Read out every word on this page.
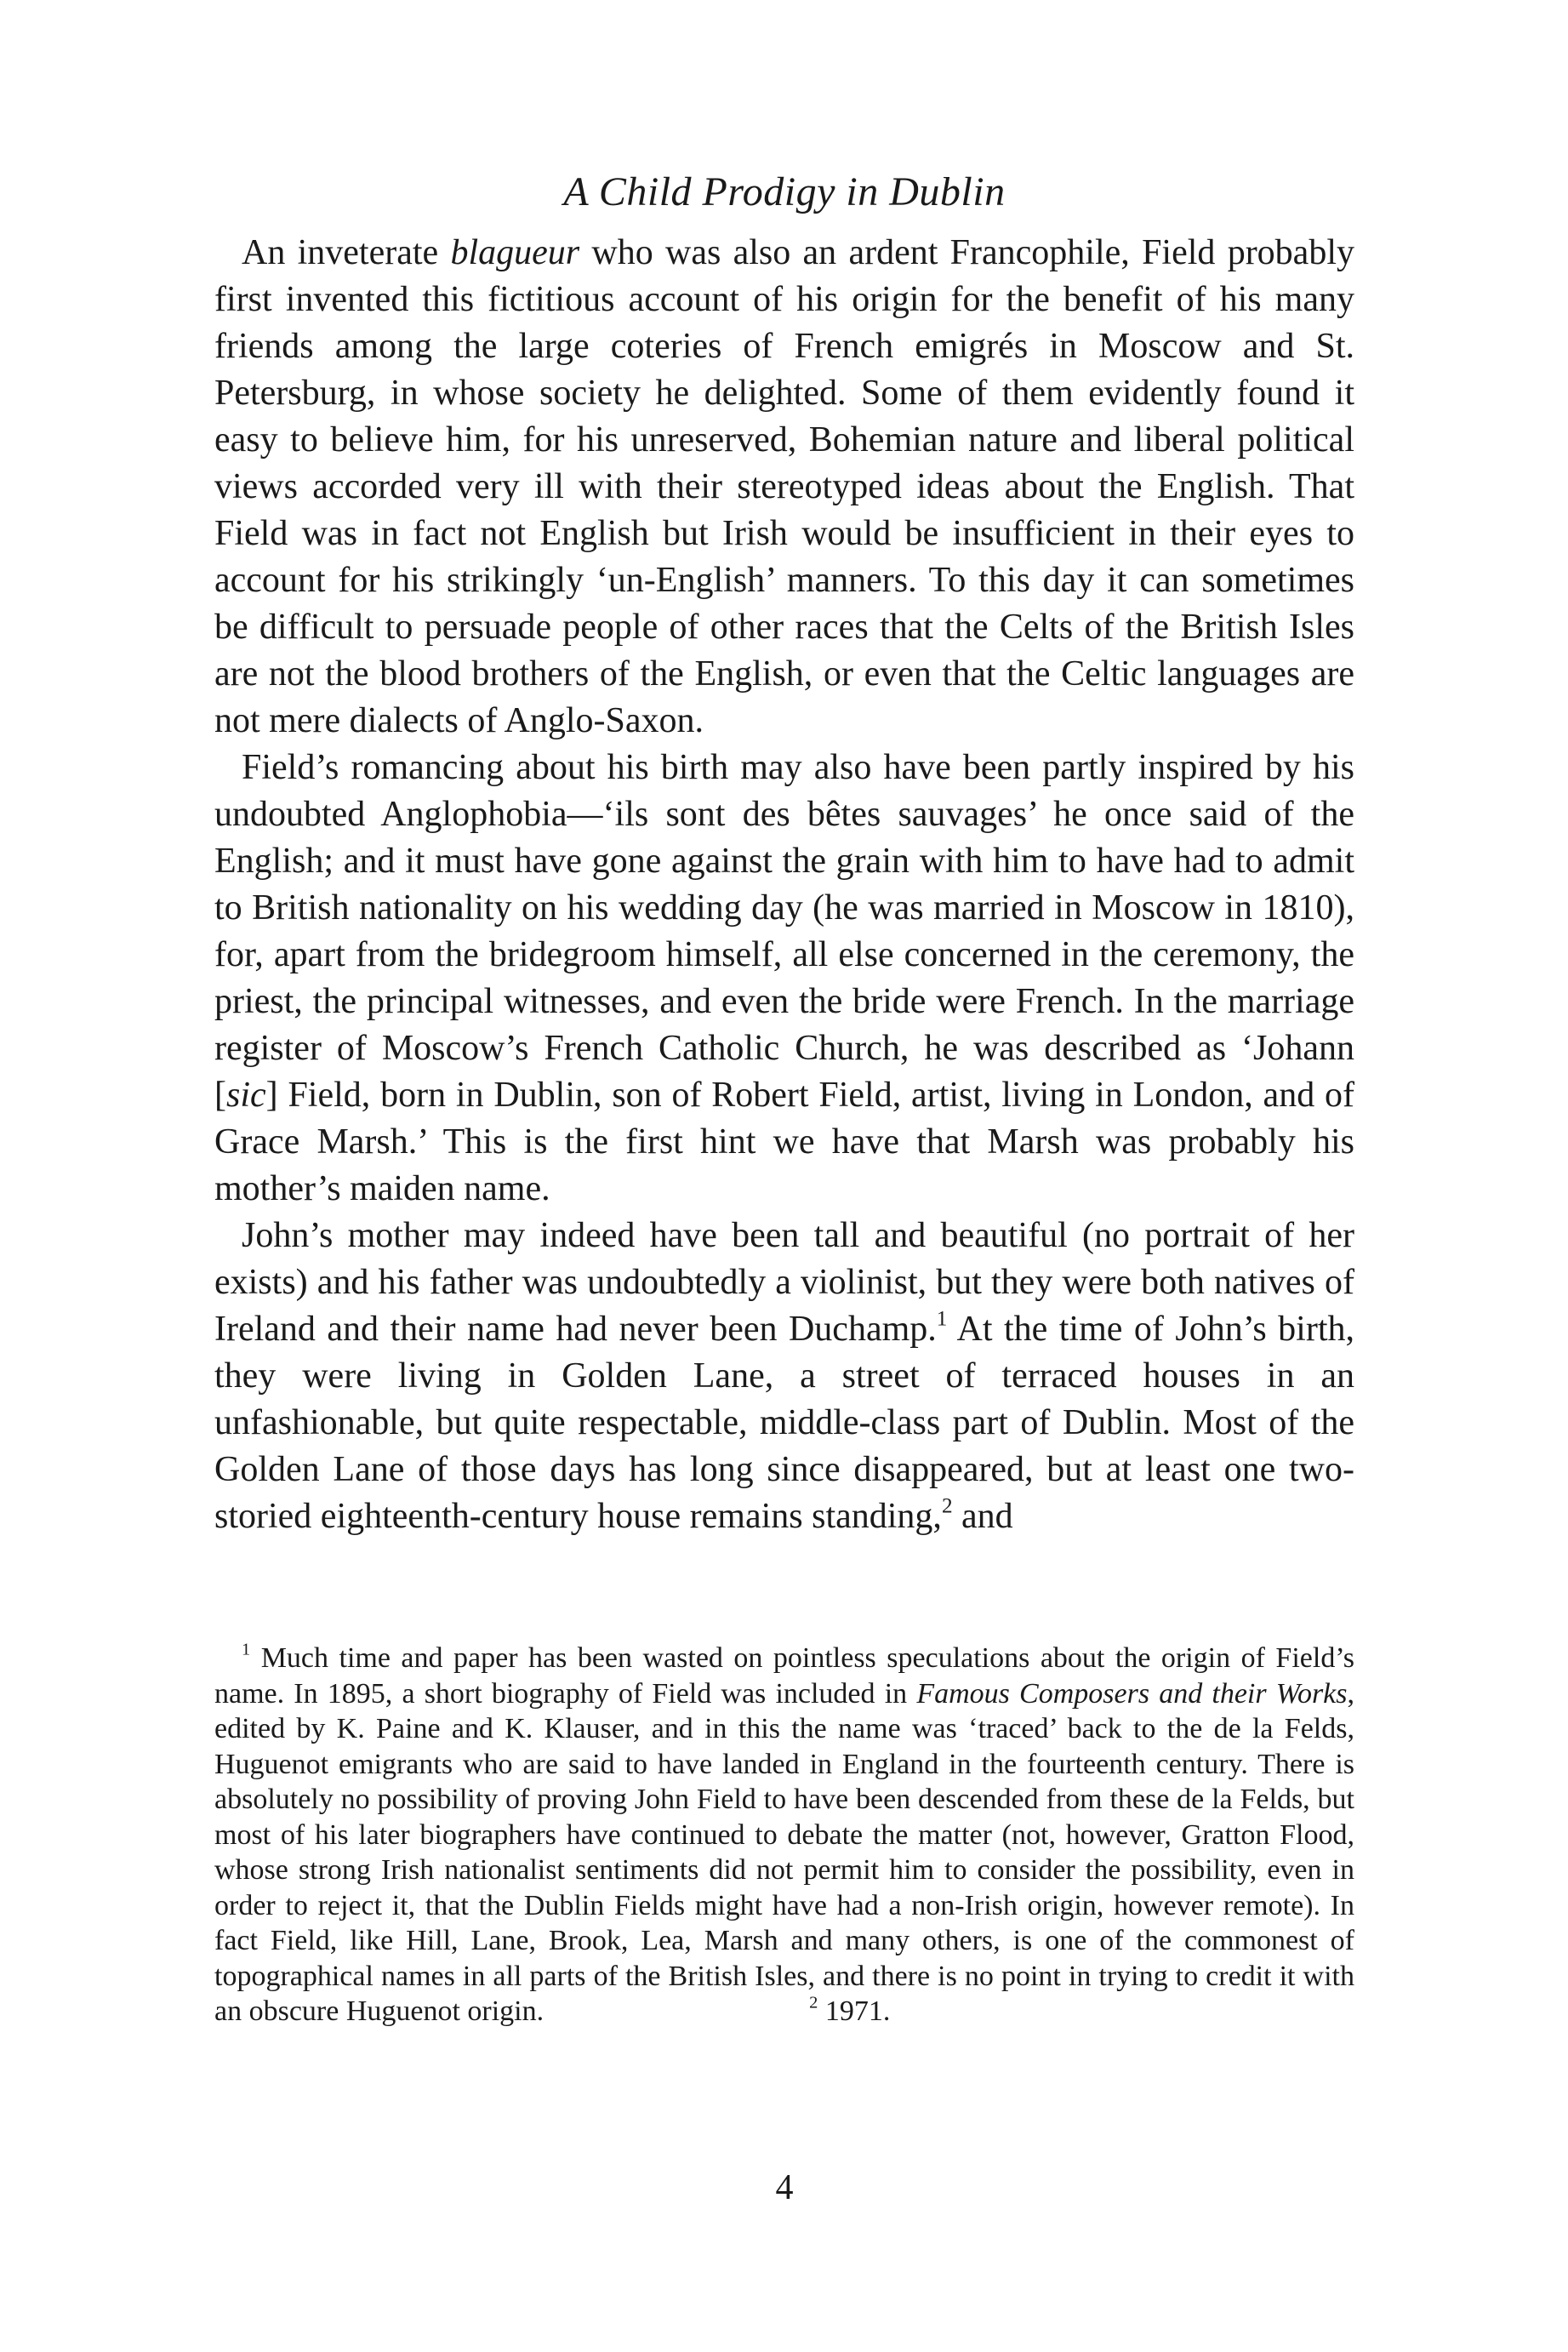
A Child Prodigy in Dublin

An inveterate blagueur who was also an ardent Francophile, Field probably first invented this fictitious account of his origin for the benefit of his many friends among the large coteries of French emigrés in Moscow and St. Petersburg, in whose society he delighted. Some of them evidently found it easy to believe him, for his unreserved, Bohemian nature and liberal political views accorded very ill with their stereotyped ideas about the English. That Field was in fact not English but Irish would be insufficient in their eyes to account for his strikingly ‘un-English’ manners. To this day it can sometimes be difficult to persuade people of other races that the Celts of the British Isles are not the blood brothers of the English, or even that the Celtic languages are not mere dialects of Anglo-Saxon.

Field’s romancing about his birth may also have been partly inspired by his undoubted Anglophobia—‘ils sont des bêtes sauvages’ he once said of the English; and it must have gone against the grain with him to have had to admit to British nationality on his wedding day (he was married in Moscow in 1810), for, apart from the bridegroom himself, all else concerned in the ceremony, the priest, the principal witnesses, and even the bride were French. In the marriage register of Moscow’s French Catholic Church, he was described as ‘Johann [sic] Field, born in Dublin, son of Robert Field, artist, living in London, and of Grace Marsh.’ This is the first hint we have that Marsh was probably his mother’s maiden name.

John’s mother may indeed have been tall and beautiful (no portrait of her exists) and his father was undoubtedly a violinist, but they were both natives of Ireland and their name had never been Duchamp.$^1$ At the time of John’s birth, they were living in Golden Lane, a street of terraced houses in an unfashionable, but quite respectable, middle-class part of Dublin. Most of the Golden Lane of those days has long since disappeared, but at least one two-storied eighteenth-century house remains standing,$^2$ and

$^1$ Much time and paper has been wasted on pointless speculations about the origin of Field’s name. In 1895, a short biography of Field was included in Famous Composers and their Works, edited by K. Paine and K. Klauser, and in this the name was ‘traced’ back to the de la Felds, Huguenot emigrants who are said to have landed in England in the fourteenth century. There is absolutely no possibility of proving John Field to have been descended from these de la Felds, but most of his later biographers have continued to debate the matter (not, however, Gratton Flood, whose strong Irish nationalist sentiments did not permit him to consider the possibility, even in order to reject it, that the Dublin Fields might have had a non-Irish origin, however remote). In fact Field, like Hill, Lane, Brook, Lea, Marsh and many others, is one of the commonest of topographical names in all parts of the British Isles, and there is no point in trying to credit it with an obscure Huguenot origin.	$^2$ 1971.

4
